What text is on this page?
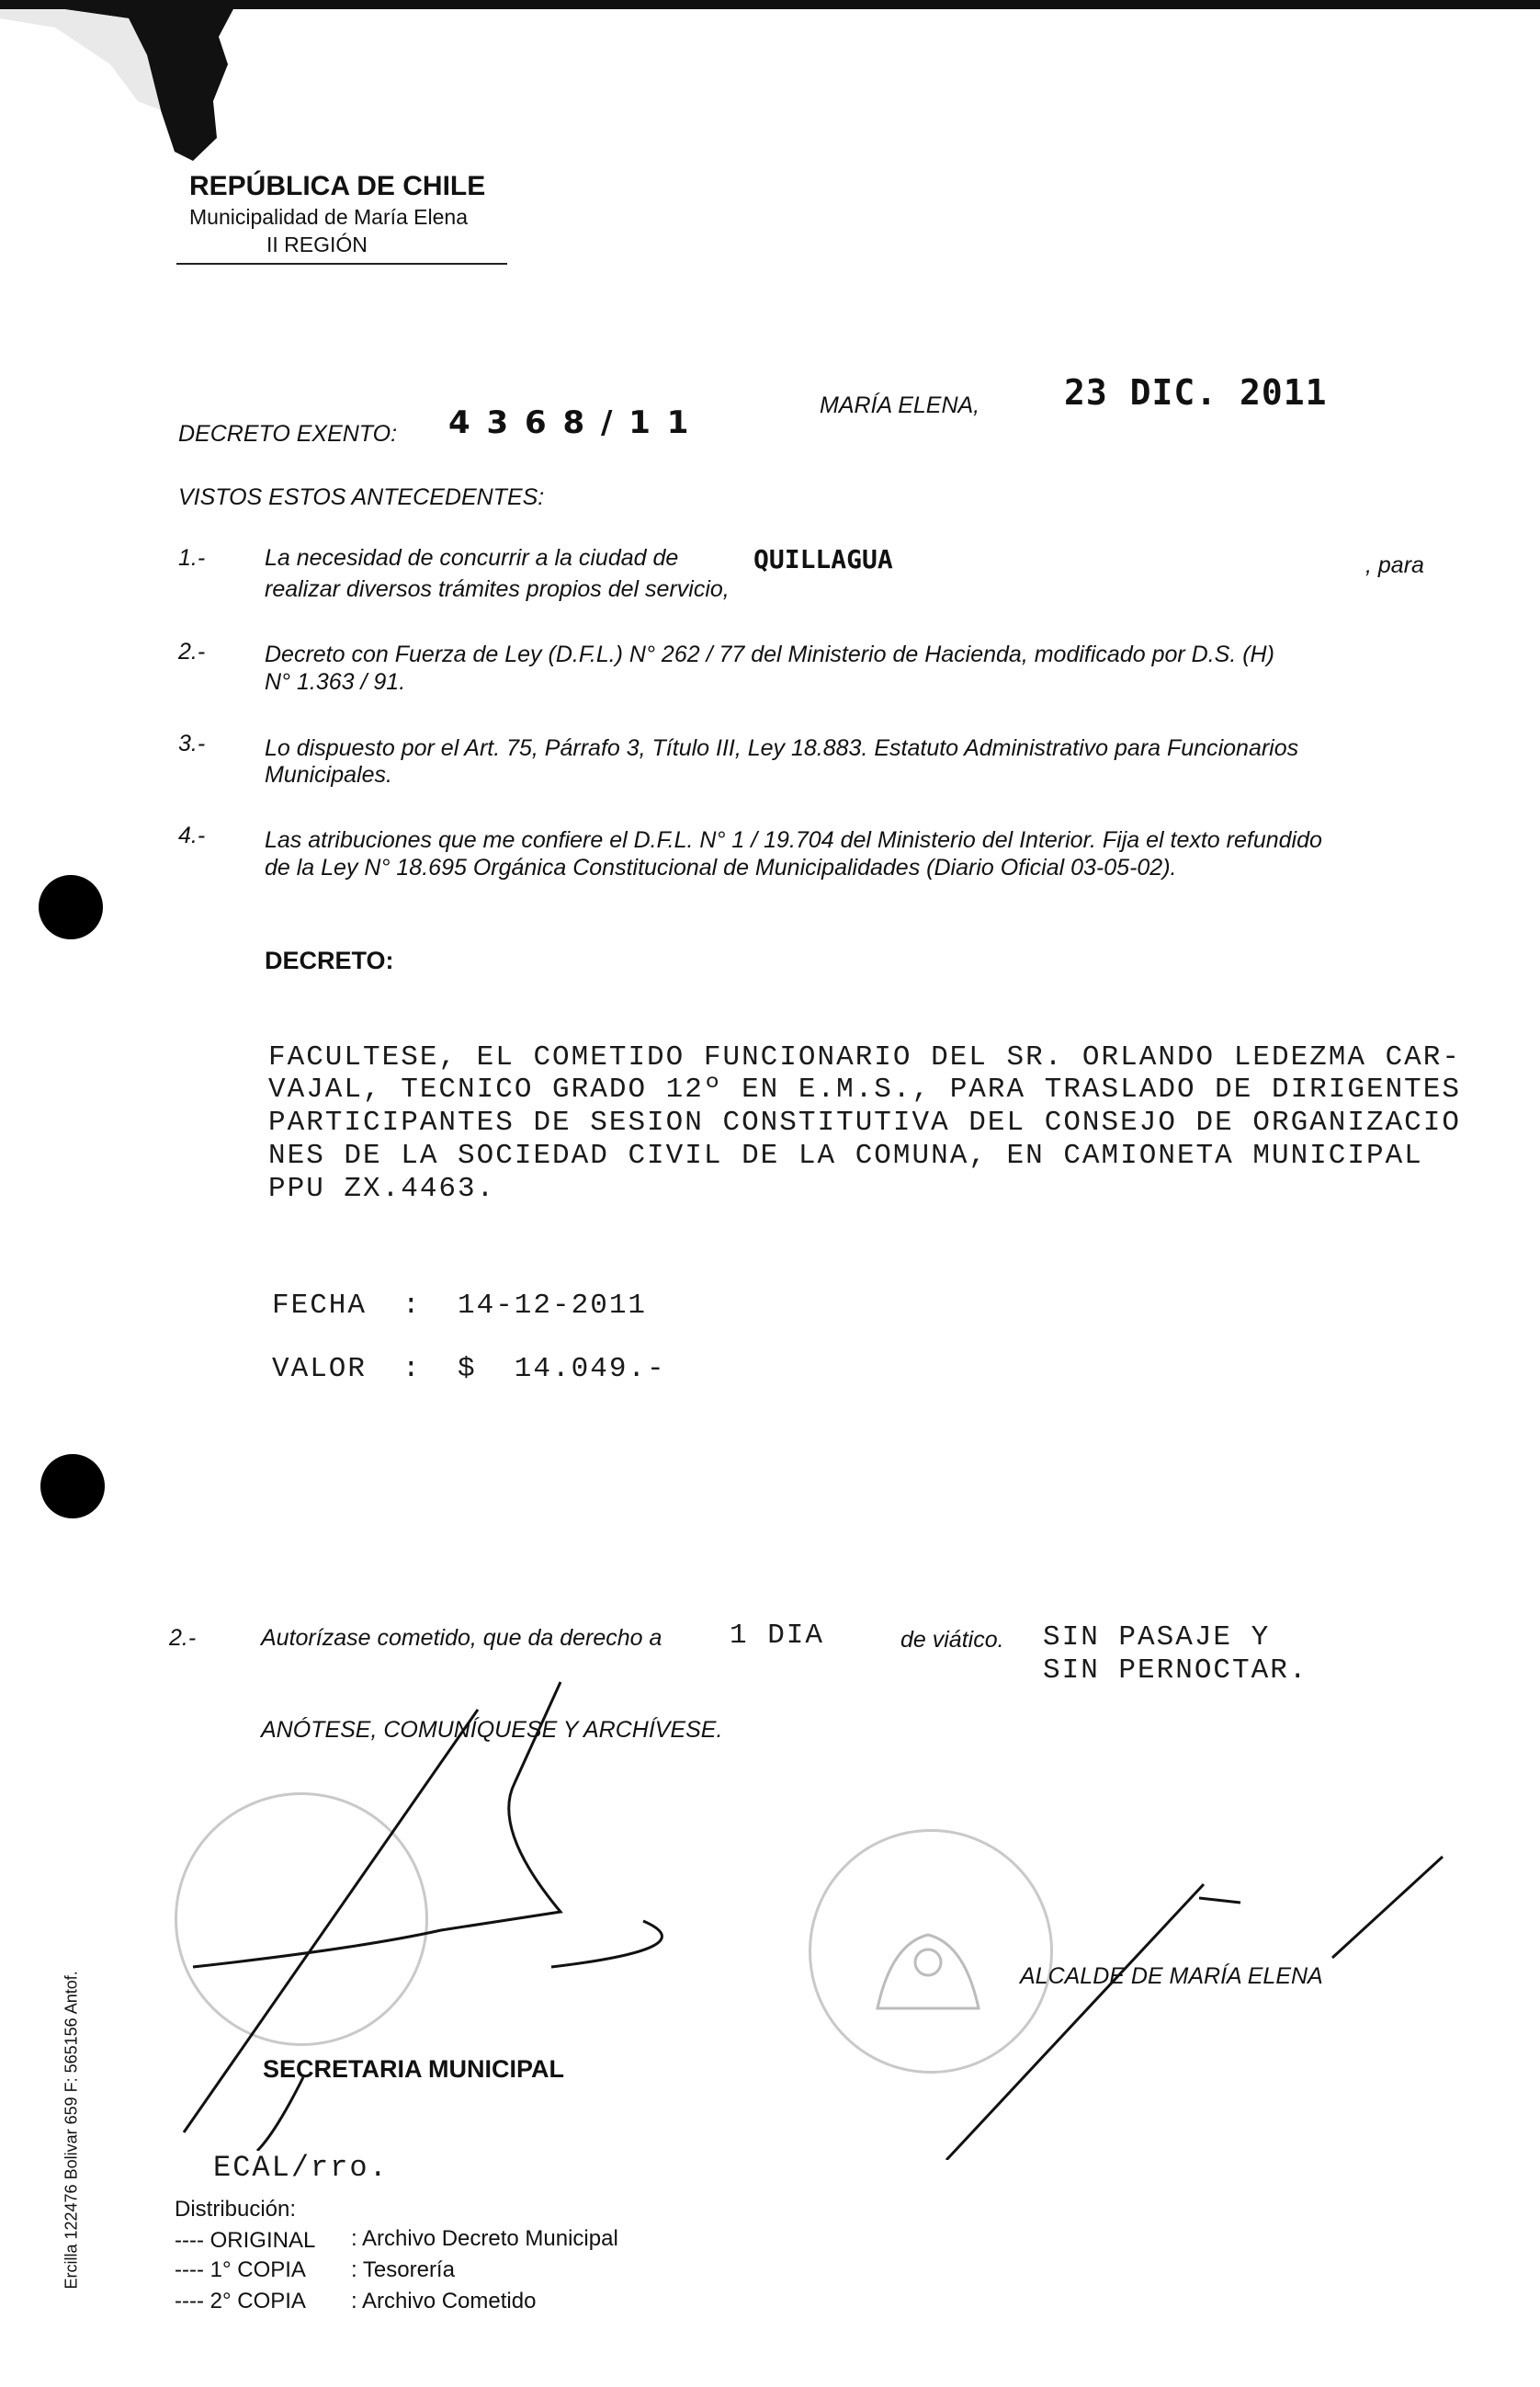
REPÚBLICA DE CHILE
Municipalidad de María Elena
II REGIÓN
DECRETO EXENTO: 4 3 6 8 / 1 1	MARÍA ELENA, 23 DIC. 2011
VISTOS ESTOS ANTECEDENTES:
1.-	La necesidad de concurrir a la ciudad de	QUILLAGUA	, para
realizar diversos trámites propios del servicio,
2.-	Decreto con Fuerza de Ley (D.F.L.) N° 262 / 77 del Ministerio de Hacienda, modificado por D.S. (H)
N° 1.363 / 91.
3.-	Lo dispuesto por el Art. 75, Párrafo 3, Título III, Ley 18.883. Estatuto Administrativo para Funcionarios
Municipales.
4.-	Las atribuciones que me confiere el D.F.L. N° 1 / 19.704 del Ministerio del Interior. Fija el texto refundido
de la Ley N° 18.695 Orgánica Constitucional de Municipalidades (Diario Oficial 03-05-02).
DECRETO:
FACULTESE, EL COMETIDO FUNCIONARIO DEL SR. ORLANDO LEDEZMA CAR-
VAJAL, TECNICO GRADO 12º EN E.M.S., PARA TRASLADO DE DIRIGENTES
PARTICIPANTES DE SESION CONSTITUTIVA DEL CONSEJO DE ORGANIZACIO
NES DE LA SOCIEDAD CIVIL DE LA COMUNA, EN CAMIONETA MUNICIPAL
PPU ZX.4463.
FECHA : 14-12-2011
VALOR : $  14.049.-
2.-	Autorízase cometido, que da derecho a 1 DIA	de viático. SIN PASAJE Y
SIN PERNOCTAR.
ANÓTESE, COMUNÍQUESE Y ARCHÍVESE.
ALCALDE DE MARÍA ELENA
SECRETARIA MUNICIPAL
ECAL/rro.
Distribución:
---- ORIGINAL : Archivo Decreto Municipal
---- 1° COPIA : Tesorería
---- 2° COPIA : Archivo Cometido
Ercilla 122476 Bolivar 659 F: 565156 Antof.
